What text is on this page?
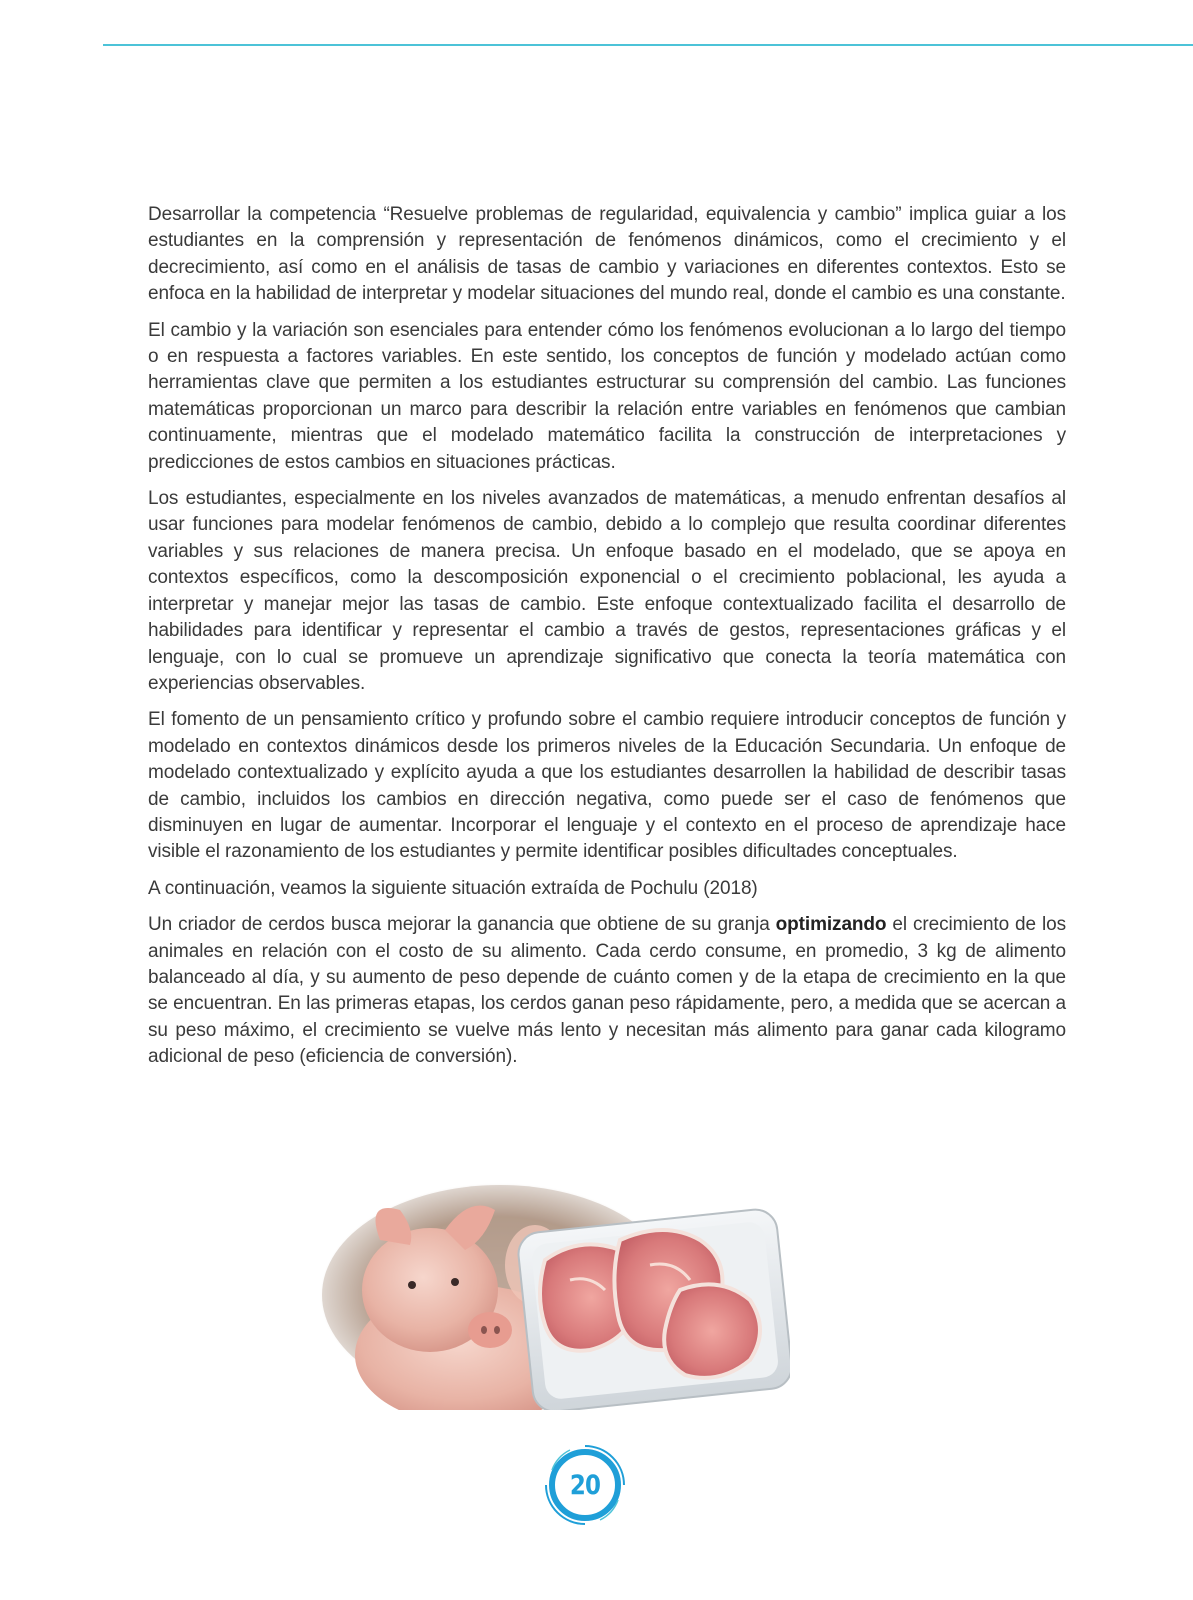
Desarrollar la competencia “Resuelve problemas de regularidad, equivalencia y cambio” implica guiar a los estudiantes en la comprensión y representación de fenómenos dinámicos, como el crecimiento y el decrecimiento, así como en el análisis de tasas de cambio y variaciones en diferentes contextos. Esto se enfoca en la habilidad de interpretar y modelar situaciones del mundo real, donde el cambio es una constante.

El cambio y la variación son esenciales para entender cómo los fenómenos evolucionan a lo largo del tiempo o en respuesta a factores variables. En este sentido, los conceptos de función y modelado actúan como herramientas clave que permiten a los estudiantes estructurar su comprensión del cambio. Las funciones matemáticas proporcionan un marco para describir la relación entre variables en fenómenos que cambian continuamente, mientras que el modelado matemático facilita la construcción de interpretaciones y predicciones de estos cambios en situaciones prácticas.

Los estudiantes, especialmente en los niveles avanzados de matemáticas, a menudo enfrentan desafíos al usar funciones para modelar fenómenos de cambio, debido a lo complejo que resulta coordinar diferentes variables y sus relaciones de manera precisa. Un enfoque basado en el modelado, que se apoya en contextos específicos, como la descomposición exponencial o el crecimiento poblacional, les ayuda a interpretar y manejar mejor las tasas de cambio. Este enfoque contextualizado facilita el desarrollo de habilidades para identificar y representar el cambio a través de gestos, representaciones gráficas y el lenguaje, con lo cual se promueve un aprendizaje significativo que conecta la teoría matemática con experiencias observables.

El fomento de un pensamiento crítico y profundo sobre el cambio requiere introducir conceptos de función y modelado en contextos dinámicos desde los primeros niveles de la Educación Secundaria. Un enfoque de modelado contextualizado y explícito ayuda a que los estudiantes desarrollen la habilidad de describir tasas de cambio, incluidos los cambios en dirección negativa, como puede ser el caso de fenómenos que disminuyen en lugar de aumentar. Incorporar el lenguaje y el contexto en el proceso de aprendizaje hace visible el razonamiento de los estudiantes y permite identificar posibles dificultades conceptuales.

A continuación, veamos la siguiente situación extraída de Pochulu (2018)

Un criador de cerdos busca mejorar la ganancia que obtiene de su granja optimizando el crecimiento de los animales en relación con el costo de su alimento. Cada cerdo consume, en promedio, 3 kg de alimento balanceado al día, y su aumento de peso depende de cuánto comen y de la etapa de crecimiento en la que se encuentran. En las primeras etapas, los cerdos ganan peso rápidamente, pero, a medida que se acercan a su peso máximo, el crecimiento se vuelve más lento y necesitan más alimento para ganar cada kilogramo adicional de peso (eficiencia de conversión).

20
